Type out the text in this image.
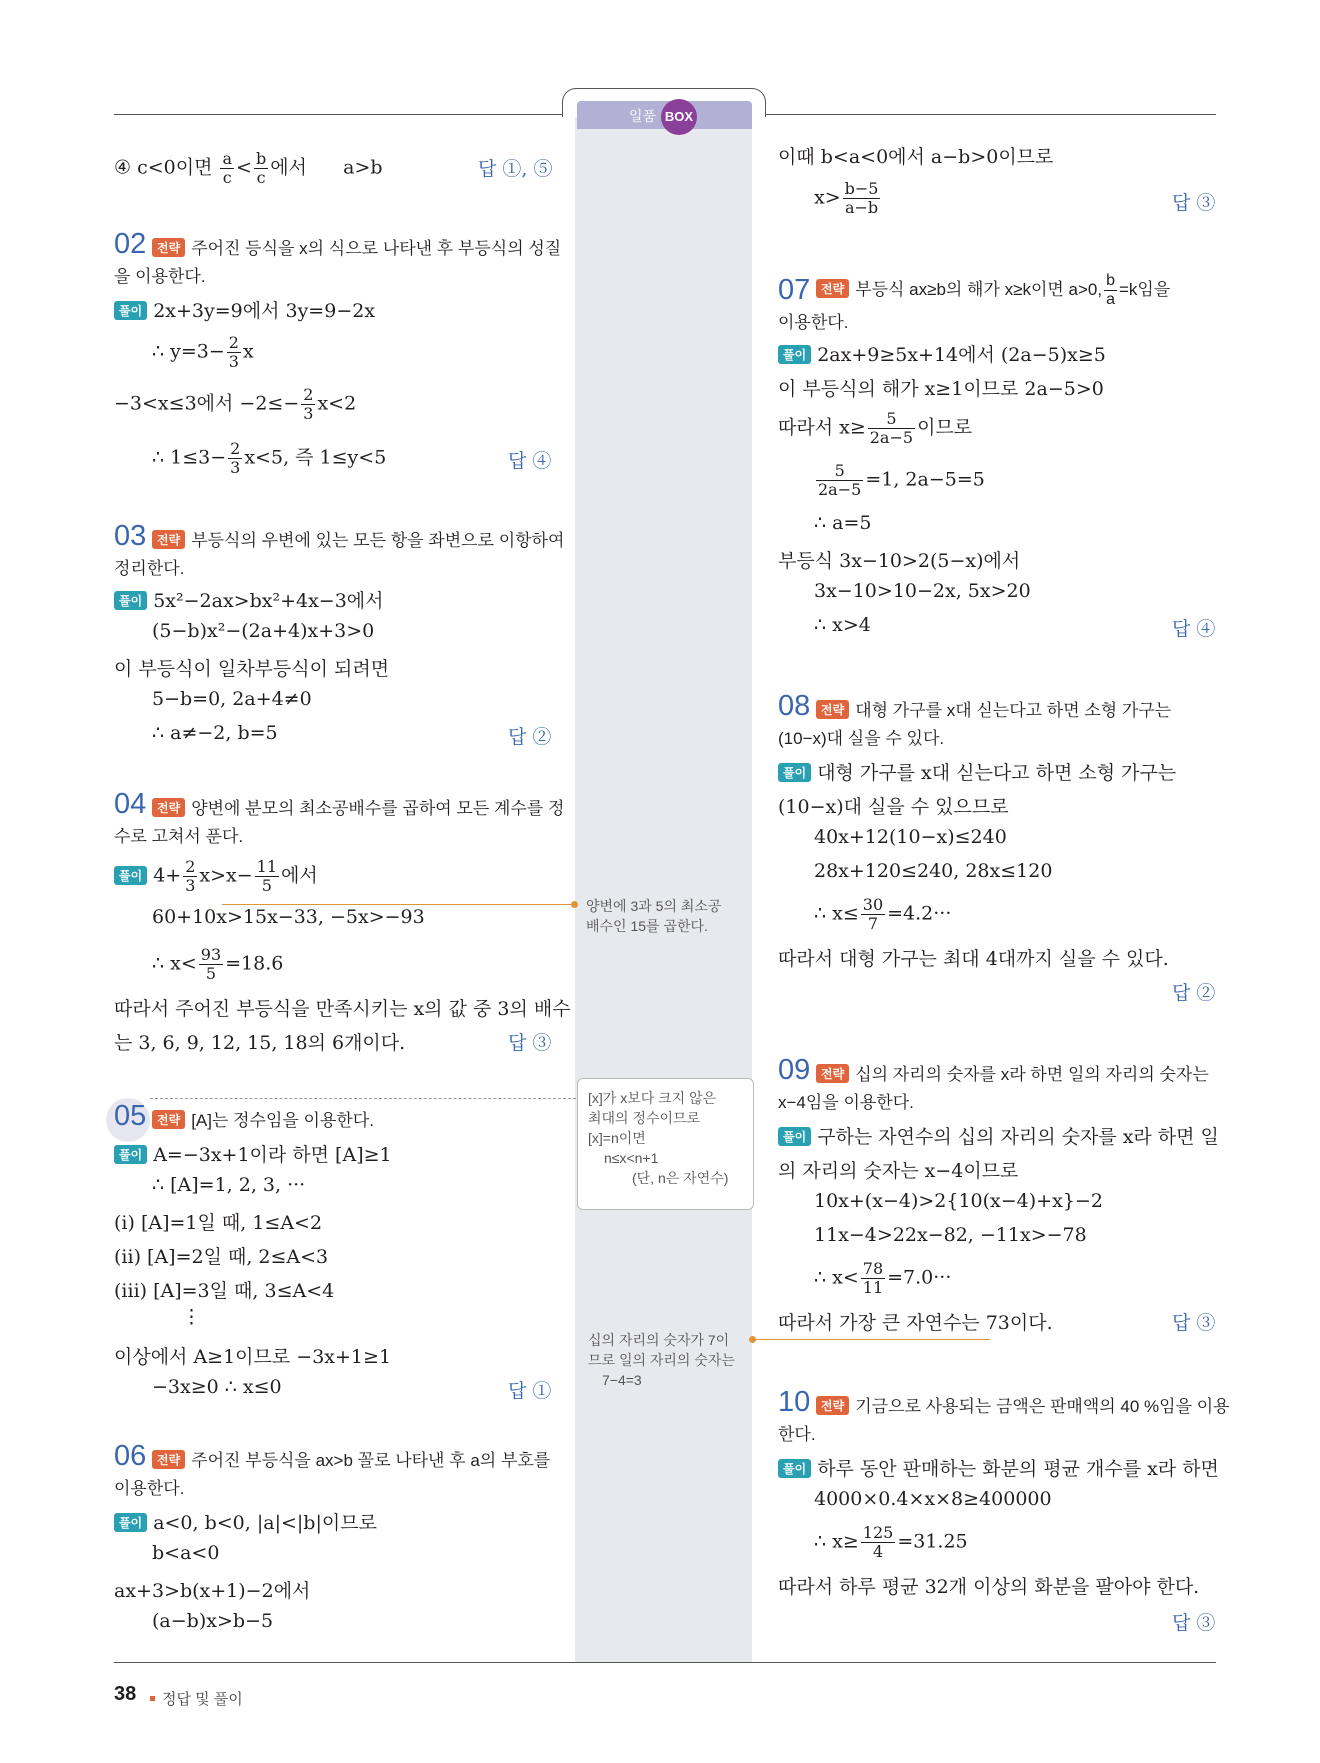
일품 BOX
④ c<0이면 $\frac{a}{c} < \frac{b}{c}$ 에서      a>b	답 ①, ⑤
02 전략 주어진 등식을 x의 식으로 나타낸 후 부등식의 성질
을 이용한다.
풀이 2x+3y=9에서 3y=9−2x
∴ $y=3- \frac{2}{3}$ x
−3<x≤3에서 $-2\le- \frac{2}{3} x<2$
∴ $1\le 3- \frac{2}{3} x<5$, 즉 1≤y<5	답 ④
03 전략 부등식의 우변에 있는 모든 항을 좌변으로 이항하여
정리한다.
풀이 5x²−2ax>bx²+4x−3에서
(5−b)x²−(2a+4)x+3>0
이 부등식이 일차부등식이 되려면
5−b=0, 2a+4≠0
∴ a≠−2, b=5	답 ②
04 전략 양변에 분모의 최소공배수를 곱하여 모든 계수를 정
수로 고쳐서 푼다.
풀이 $4+ \frac{2}{3} x>x- \frac{11}{5}$ 에서
60+10x>15x−33, −5x>−93
∴ $x< \frac{93}{5} =18.6$
따라서 주어진 부등식을 만족시키는 x의 값 중 3의 배수
는 3, 6, 9, 12, 15, 18의 6개이다.	답 ③
05 전략 [A]는 정수임을 이용한다.
풀이 A=−3x+1이라 하면 [A]≥1
∴ [A]=1, 2, 3, ···
(i) [A]=1일 때, 1≤A<2
(ii) [A]=2일 때, 2≤A<3
(iii) [A]=3일 때, 3≤A<4
⋮
이상에서 A≥1이므로 −3x+1≥1
−3x≥0 ∴ x≤0	답 ①
06 전략 주어진 부등식을 ax>b 꼴로 나타낸 후 a의 부호를
이용한다.
풀이 a<0, b<0, |a|<|b|이므로
b<a<0
ax+3>b(x+1)−2에서
(a−b)x>b−5
양변에 3과 5의 최소공
배수인 15를 곱한다.
[x]가 x보다 크지 않은
최대의 정수이므로
[x]=n이면
n≤x<n+1
(단, n은 자연수)
십의 자리의 숫자가 7이
므로 일의 자리의 숫자는
7−4=3
이때 b<a<0에서 a−b>0이므로
$x> \frac{b-5}{a-b}$	답 ③
07 전략 부등식 ax≥b의 해가 x≥k이면 a>0, $\frac{b}{a} =k$임을
이용한다.
풀이 2ax+9≥5x+14에서 (2a−5)x≥5
이 부등식의 해가 x≥1이므로 2a−5>0
따라서 $x\ge \frac{5}{2a-5}$ 이므로
$\frac{5}{2a-5} =1$, 2a−5=5
∴ a=5
부등식 3x−10>2(5−x)에서
3x−10>10−2x, 5x>20
∴ x>4	답 ④
08 전략 대형 가구를 x대 싣는다고 하면 소형 가구는
(10−x)대 실을 수 있다.
풀이 대형 가구를 x대 싣는다고 하면 소형 가구는
(10−x)대 실을 수 있으므로
40x+12(10−x)≤240
28x+120≤240, 28x≤120
∴ $x\le \frac{30}{7} =4.2\cdot\cdot\cdot$
따라서 대형 가구는 최대 4대까지 실을 수 있다.
답 ②
09 전략 십의 자리의 숫자를 x라 하면 일의 자리의 숫자는
x−4임을 이용한다.
풀이 구하는 자연수의 십의 자리의 숫자를 x라 하면 일
의 자리의 숫자는 x−4이므로
10x+(x−4)>2{10(x−4)+x}−2
11x−4>22x−82, −11x>−78
∴ $x< \frac{78}{11} =7.0\cdot\cdot\cdot$
따라서 가장 큰 자연수는 73이다.	답 ③
10 전략 기금으로 사용되는 금액은 판매액의 40 %임을 이용
한다.
풀이 하루 동안 판매하는 화분의 평균 개수를 x라 하면
4000×0.4×x×8≥400000
∴ $x\ge \frac{125}{4} =31.25$
따라서 하루 평균 32개 이상의 화분을 팔아야 한다.
답 ③
38 정답 및 풀이
